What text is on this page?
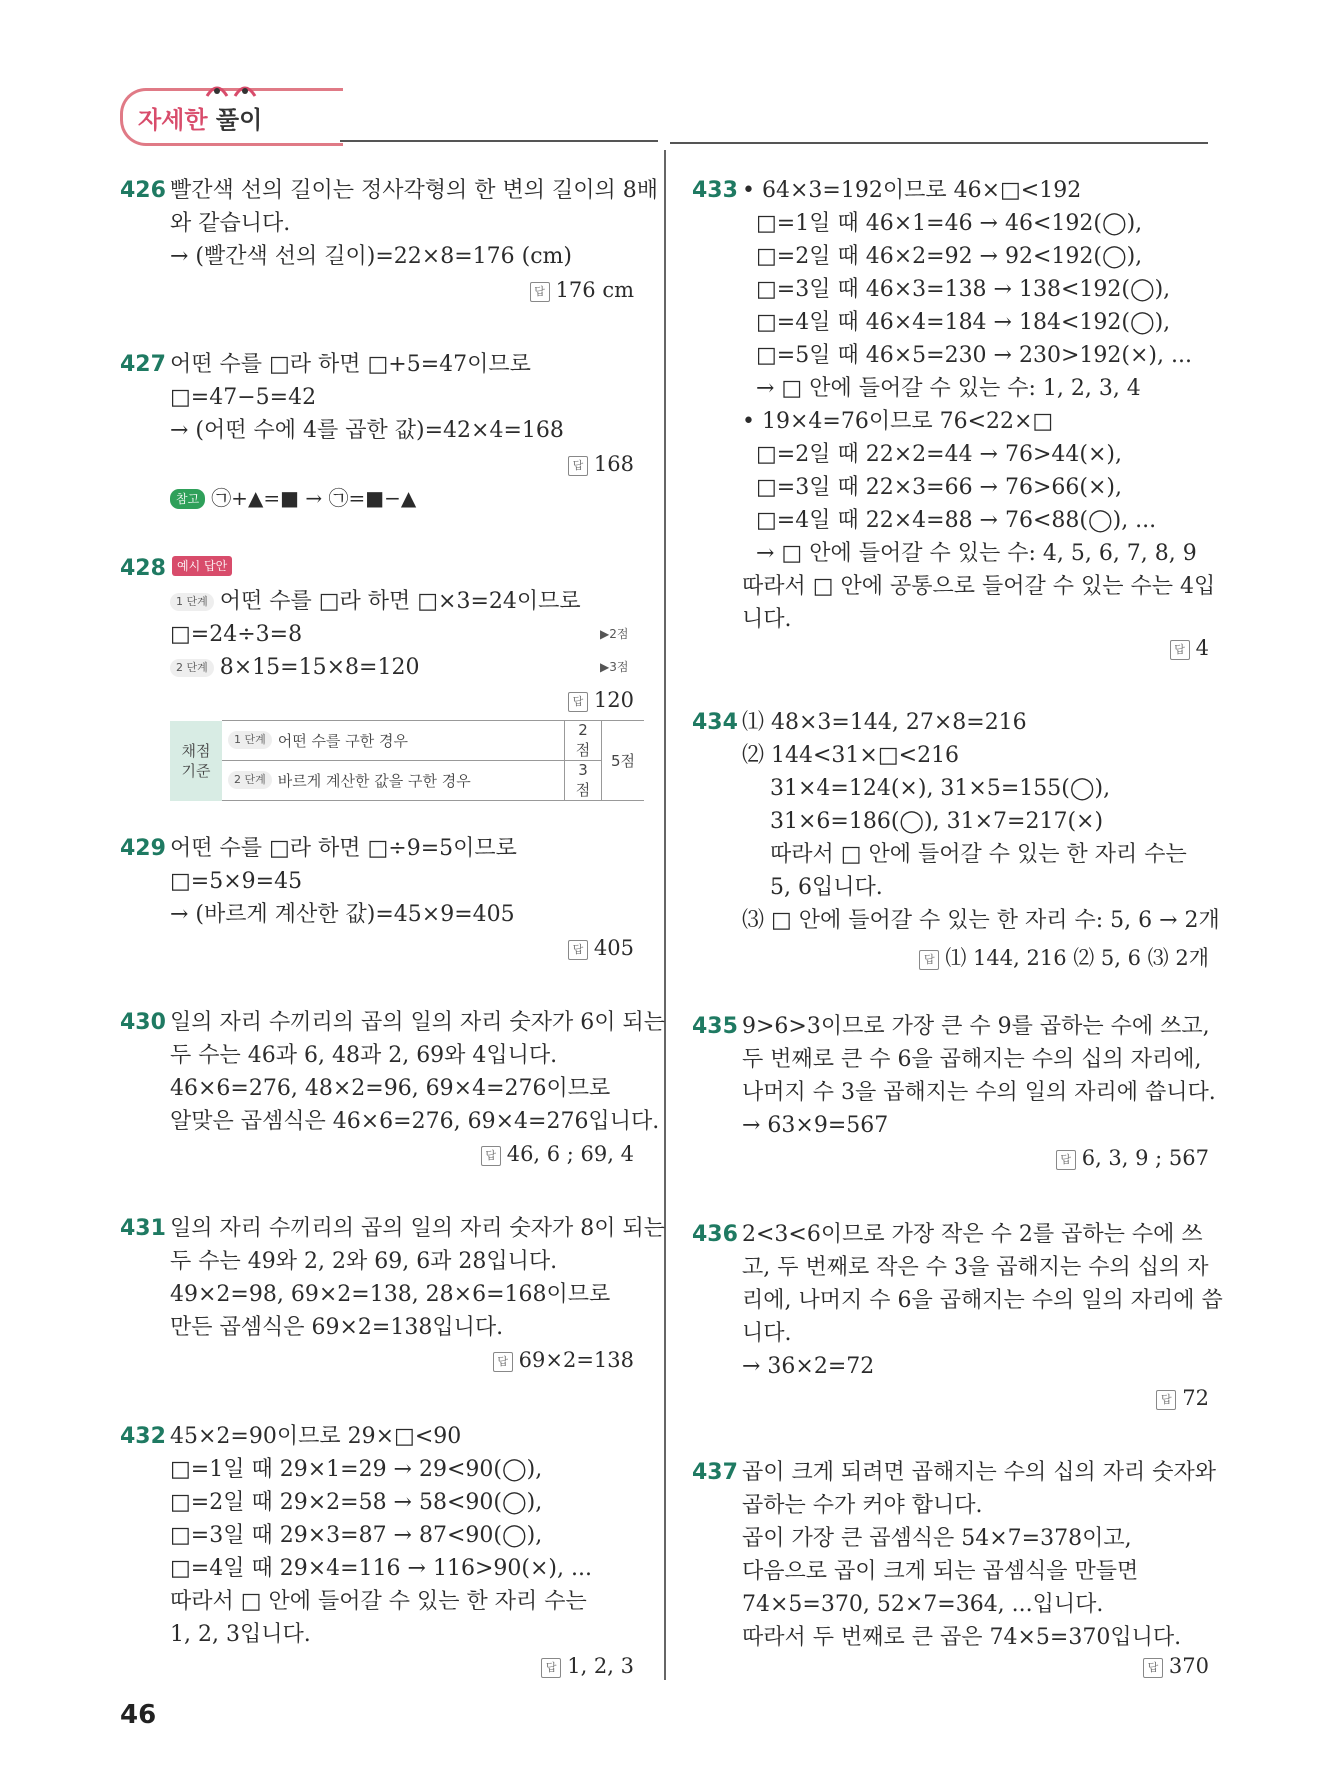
자세한 풀이
426 빨간색 선의 길이는 정사각형의 한 변의 길이의 8배
와 같습니다.
→ (빨간색 선의 길이)=22×8=176 (cm)
답 176 cm
427 어떤 수를 □라 하면 □+5=47이므로
□=47−5=42
→ (어떤 수에 4를 곱한 값)=42×4=168
답 168
참고 ㉠+▲=■ → ㉠=■−▲
428 예시 답안
1 단계 어떤 수를 □라 하면 □×3=24이므로
□=24÷3=8
2 단계 8×15=15×8=120
▶2점
▶3점
답 120
채점 기준	1 단계 어떤 수를 구한 경우	2점	5점
	2 단계 바르게 계산한 값을 구한 경우	3점	
429 어떤 수를 □라 하면 □÷9=5이므로
□=5×9=45
→ (바르게 계산한 값)=45×9=405
답 405
430 일의 자리 수끼리의 곱의 일의 자리 숫자가 6이 되는
두 수는 46과 6, 48과 2, 69와 4입니다.
46×6=276, 48×2=96, 69×4=276이므로
알맞은 곱셈식은 46×6=276, 69×4=276입니다.
답 46, 6 ; 69, 4
431 일의 자리 수끼리의 곱의 일의 자리 숫자가 8이 되는
두 수는 49와 2, 2와 69, 6과 28입니다.
49×2=98, 69×2=138, 28×6=168이므로
만든 곱셈식은 69×2=138입니다.
답 69×2=138
432 45×2=90이므로 29×□<90
□=1일 때 29×1=29 → 29<90(◯),
□=2일 때 29×2=58 → 58<90(◯),
□=3일 때 29×3=87 → 87<90(◯),
□=4일 때 29×4=116 → 116>90(×), ...
따라서 □ 안에 들어갈 수 있는 한 자리 수는
1, 2, 3입니다.
답 1, 2, 3
433 • 64×3=192이므로 46×□<192
□=1일 때 46×1=46 → 46<192(◯),
□=2일 때 46×2=92 → 92<192(◯),
□=3일 때 46×3=138 → 138<192(◯),
□=4일 때 46×4=184 → 184<192(◯),
□=5일 때 46×5=230 → 230>192(×), ...
→ □ 안에 들어갈 수 있는 수: 1, 2, 3, 4
• 19×4=76이므로 76<22×□
□=2일 때 22×2=44 → 76>44(×),
□=3일 때 22×3=66 → 76>66(×),
□=4일 때 22×4=88 → 76<88(◯), ...
→ □ 안에 들어갈 수 있는 수: 4, 5, 6, 7, 8, 9
따라서 □ 안에 공통으로 들어갈 수 있는 수는 4입
니다.
답 4
434 ⑴ 48×3=144, 27×8=216
⑵ 144<31×□<216
31×4=124(×), 31×5=155(◯),
31×6=186(◯), 31×7=217(×)
따라서 □ 안에 들어갈 수 있는 한 자리 수는
5, 6입니다.
⑶ □ 안에 들어갈 수 있는 한 자리 수: 5, 6 → 2개
답 ⑴ 144, 216 ⑵ 5, 6 ⑶ 2개
435 9>6>3이므로 가장 큰 수 9를 곱하는 수에 쓰고,
두 번째로 큰 수 6을 곱해지는 수의 십의 자리에,
나머지 수 3을 곱해지는 수의 일의 자리에 씁니다.
→ 63×9=567
답 6, 3, 9 ; 567
436 2<3<6이므로 가장 작은 수 2를 곱하는 수에 쓰
고, 두 번째로 작은 수 3을 곱해지는 수의 십의 자
리에, 나머지 수 6을 곱해지는 수의 일의 자리에 씁
니다.
→ 36×2=72
답 72
437 곱이 크게 되려면 곱해지는 수의 십의 자리 숫자와
곱하는 수가 커야 합니다.
곱이 가장 큰 곱셈식은 54×7=378이고,
다음으로 곱이 크게 되는 곱셈식을 만들면
74×5=370, 52×7=364, ...입니다.
따라서 두 번째로 큰 곱은 74×5=370입니다.
답 370
46
